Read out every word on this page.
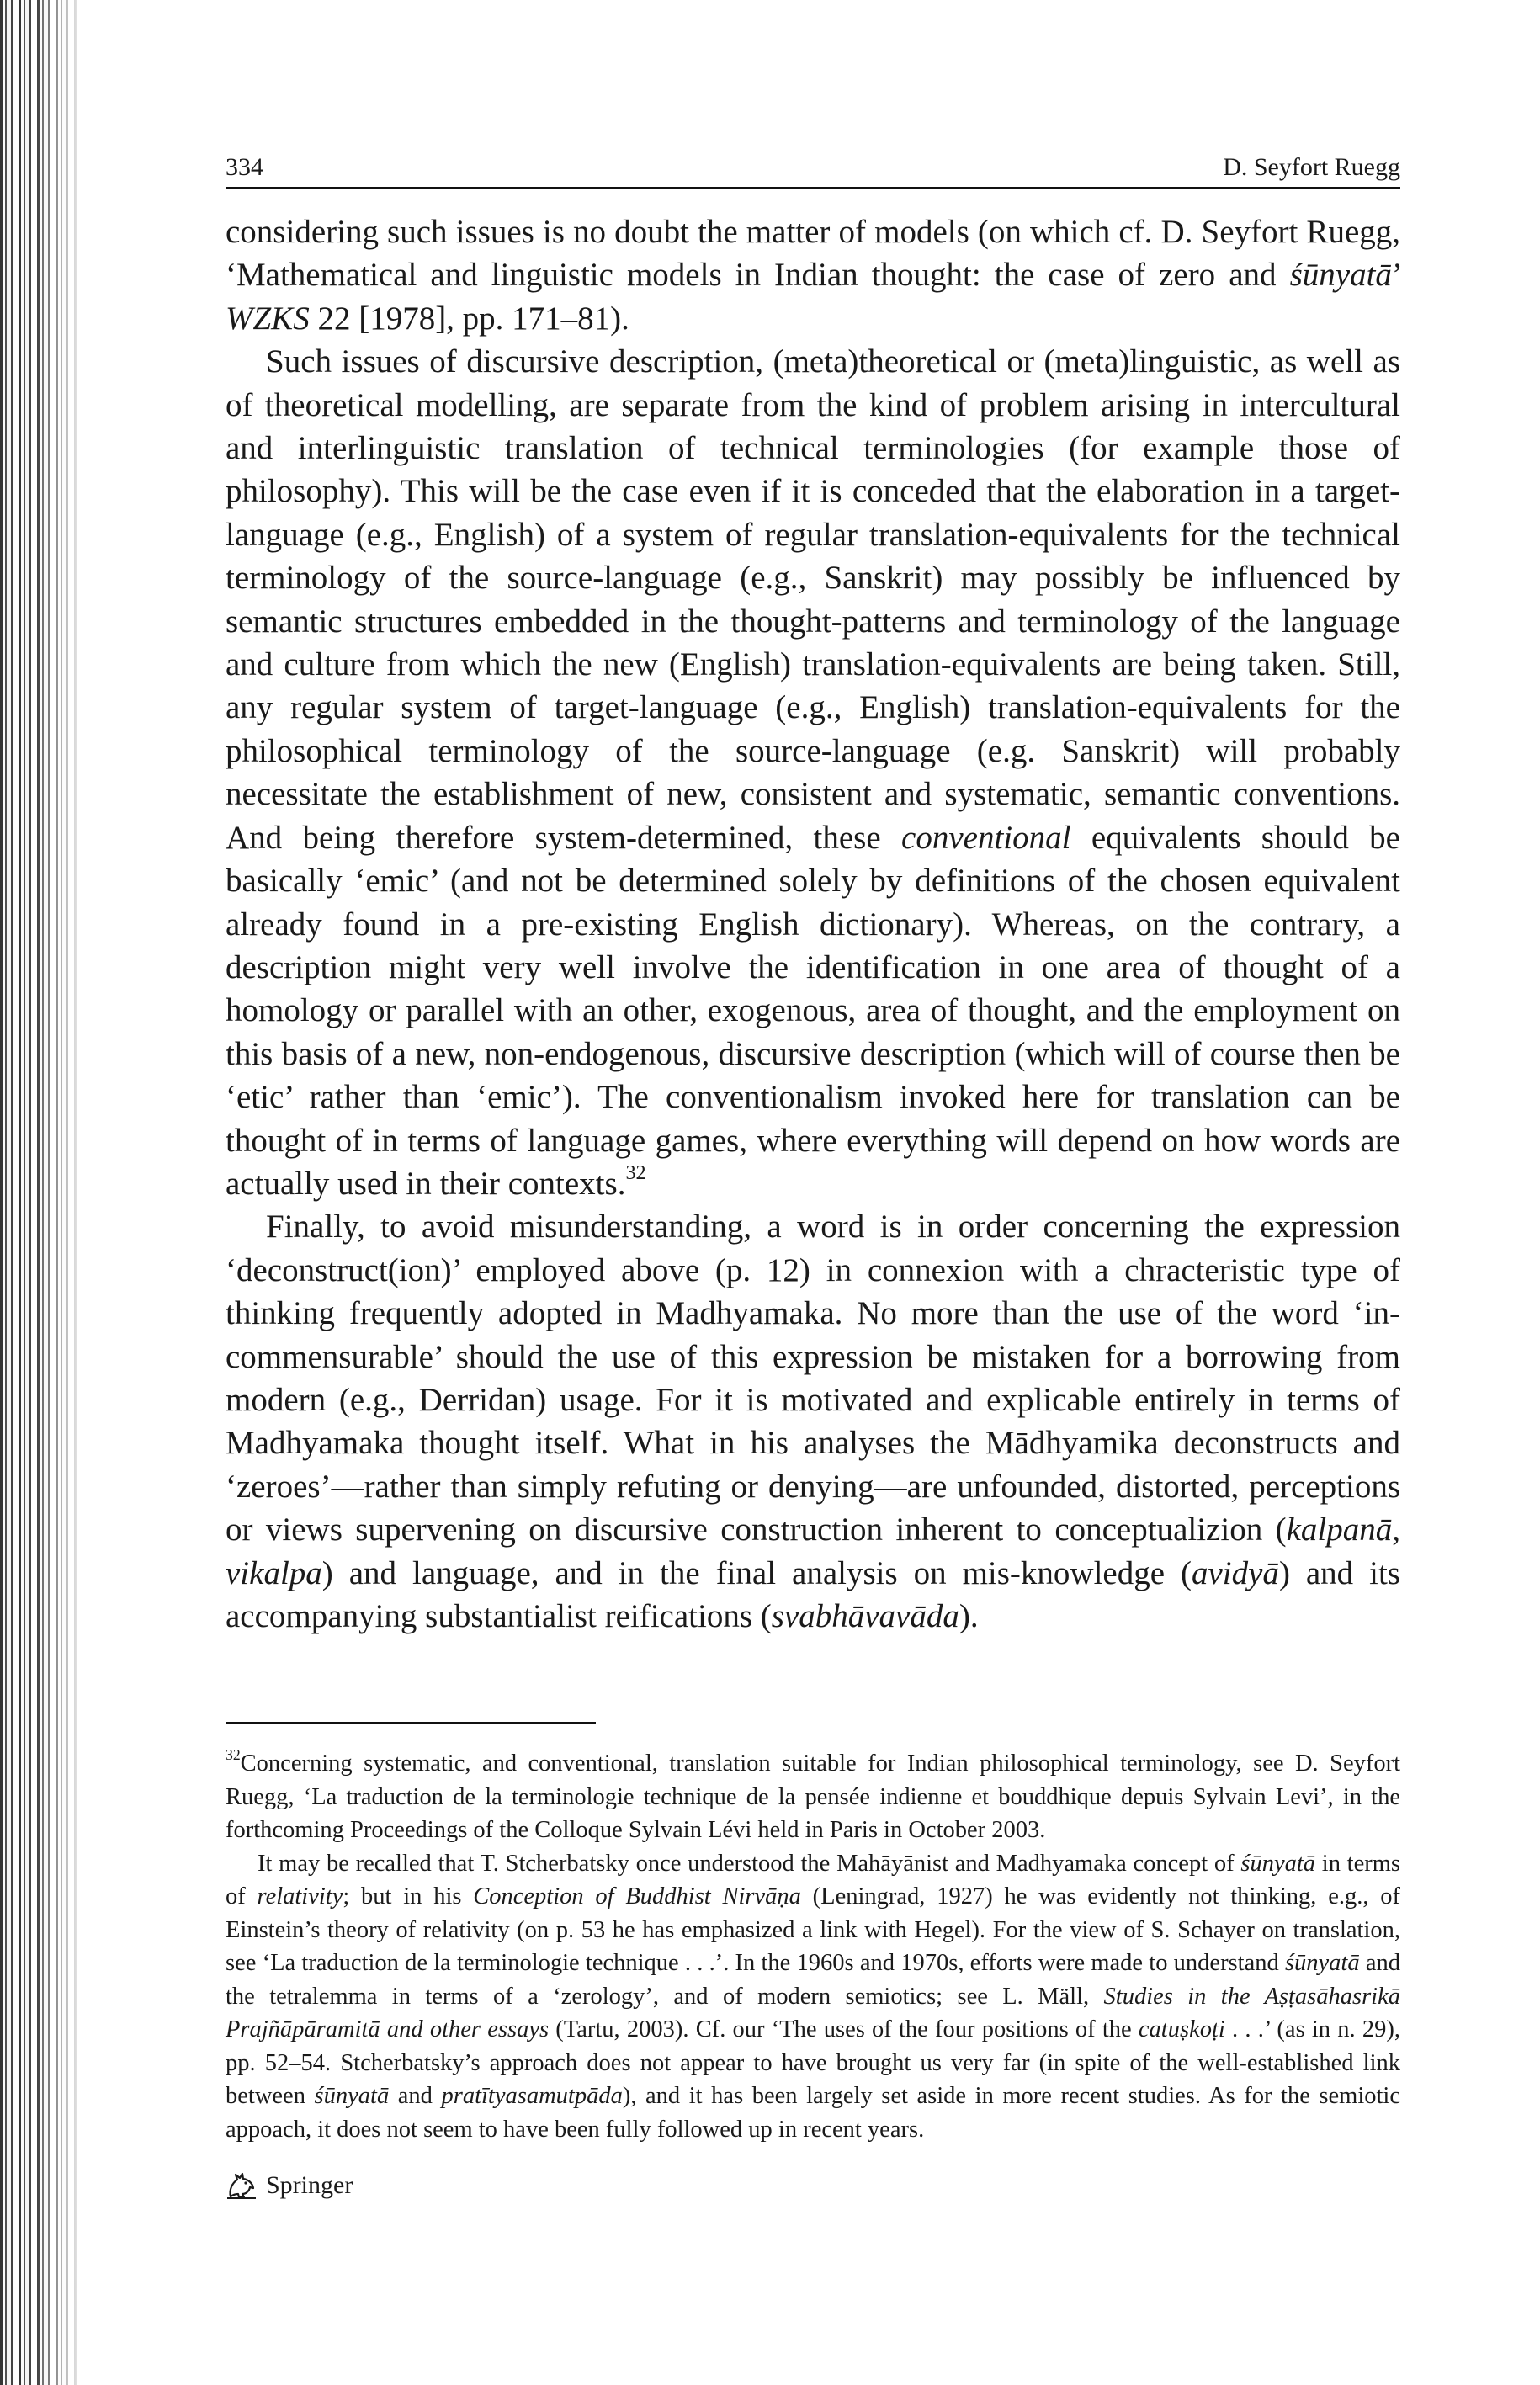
334	D. Seyfort Ruegg

considering such issues is no doubt the matter of models (on which cf. D. Seyfort Ruegg, ‘Mathematical and linguistic models in Indian thought: the case of zero and śūnyatā’ WZKS 22 [1978], pp. 171–81).

Such issues of discursive description, (meta)theoretical or (meta)linguistic, as well as of theoretical modelling, are separate from the kind of problem arising in intercultural and interlinguistic translation of technical terminologies (for example those of philosophy). This will be the case even if it is conceded that the elaboration in a target-language (e.g., English) of a system of regular translation-equivalents for the technical terminology of the source-language (e.g., Sanskrit) may possibly be influenced by semantic structures embedded in the thought-patterns and terminology of the language and culture from which the new (English) translation-equivalents are being taken. Still, any regular system of target-language (e.g., English) translation-equivalents for the philosophical terminology of the source-language (e.g. Sanskrit) will probably necessitate the establishment of new, consistent and systematic, semantic conventions. And being therefore system-determined, these conventional equivalents should be basically ‘emic’ (and not be determined solely by definitions of the chosen equivalent already found in a pre-existing English dictionary). Whereas, on the contrary, a description might very well involve the identification in one area of thought of a homology or parallel with an other, exogenous, area of thought, and the employment on this basis of a new, non-endogenous, discursive description (which will of course then be ‘etic’ rather than ‘emic’). The conventionalism invoked here for translation can be thought of in terms of language games, where everything will depend on how words are actually used in their contexts.$^{32}$

Finally, to avoid misunderstanding, a word is in order concerning the expression ‘deconstruct(ion)’ employed above (p. 12) in connexion with a chracteristic type of thinking frequently adopted in Madhyamaka. No more than the use of the word ‘incommensurable’ should the use of this expression be mistaken for a borrowing from modern (e.g., Derridan) usage. For it is motivated and explicable entirely in terms of Madhyamaka thought itself. What in his analyses the Mādhyamika deconstructs and ‘zeroes’—rather than simply refuting or denying—are unfounded, distorted, perceptions or views supervening on discursive construction inherent to conceptualizion (kalpanā, vikalpa) and language, and in the final analysis on mis-knowledge (avidyā) and its accompanying substantialist reifications (svabhāvavāda).

$^{32}$Concerning systematic, and conventional, translation suitable for Indian philosophical terminology, see D. Seyfort Ruegg, ‘La traduction de la terminologie technique de la pensée indienne et bouddhique depuis Sylvain Levi’, in the forthcoming Proceedings of the Colloque Sylvain Lévi held in Paris in October 2003.

It may be recalled that T. Stcherbatsky once understood the Mahāyānist and Madhyamaka concept of śūnyatā in terms of relativity; but in his Conception of Buddhist Nirvāṇa (Leningrad, 1927) he was evidently not thinking, e.g., of Einstein’s theory of relativity (on p. 53 he has emphasized a link with Hegel). For the view of S. Schayer on translation, see ‘La traduction de la terminologie technique . . .’. In the 1960s and 1970s, efforts were made to understand śūnyatā and the tetralemma in terms of a ‘zerology’, and of modern semiotics; see L. Mäll, Studies in the Aṣṭasāhasrikā Prajñāpāramitā and other essays (Tartu, 2003). Cf. our ‘The uses of the four positions of the catuṣkoṭi . . .’ (as in n. 29), pp. 52–54. Stcherbatsky’s approach does not appear to have brought us very far (in spite of the well-established link between śūnyatā and pratītyasamutpāda), and it has been largely set aside in more recent studies. As for the semiotic appoach, it does not seem to have been fully followed up in recent years.

Springer
